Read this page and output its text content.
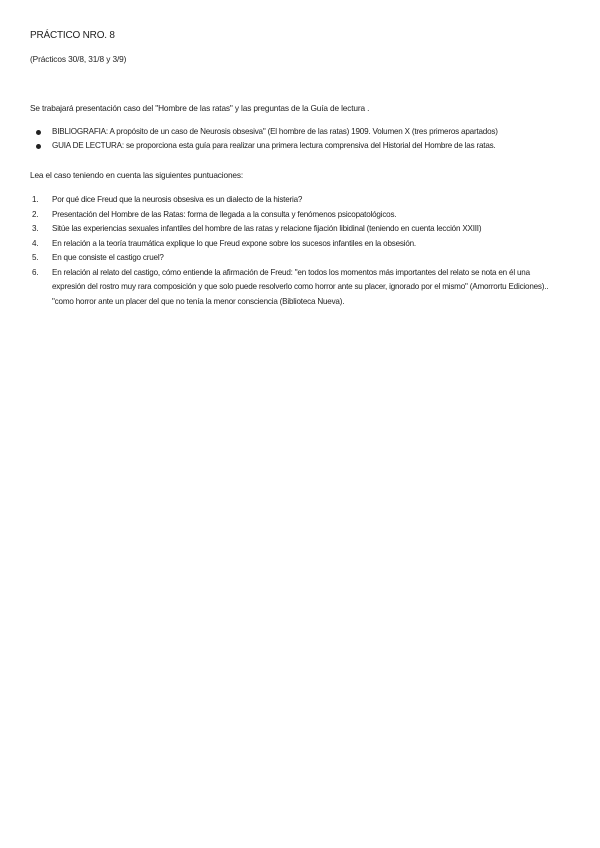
PRÁCTICO NRO. 8
(Prácticos 30/8, 31/8 y 3/9)
Se trabajará presentación caso del "Hombre de las ratas" y las preguntas de la Guía de lectura .
BIBLIOGRAFIA: A propósito de un caso de Neurosis obsesiva" (El hombre de las ratas) 1909. Volumen X (tres primeros apartados)
GUIA DE LECTURA: se proporciona esta guía para realizar una primera lectura comprensiva del Historial del Hombre de las ratas.
Lea el caso teniendo en cuenta las siguientes puntuaciones:
1. Por qué dice Freud que la neurosis obsesiva es un dialecto de la histeria?
2. Presentación del Hombre de las Ratas: forma de llegada a la consulta y fenómenos psicopatológicos.
3. Sitúe las experiencias sexuales infantiles del hombre de las ratas y relacione fijación libidinal (teniendo en cuenta lección XXIII)
4. En relación a la teoría traumática explique lo que Freud expone sobre los sucesos infantiles en la obsesión.
5. En que consiste el castigo cruel?
6. En relación al relato del castigo, cómo entiende la afirmación de Freud: "en todos los momentos más importantes del relato se nota en él una expresión del rostro muy rara composición y que solo puede resolverlo como horror ante su placer, ignorado por el mismo" (Amorrortu Ediciones).. "como horror ante un placer del que no tenía la menor consciencia (Biblioteca Nueva).
